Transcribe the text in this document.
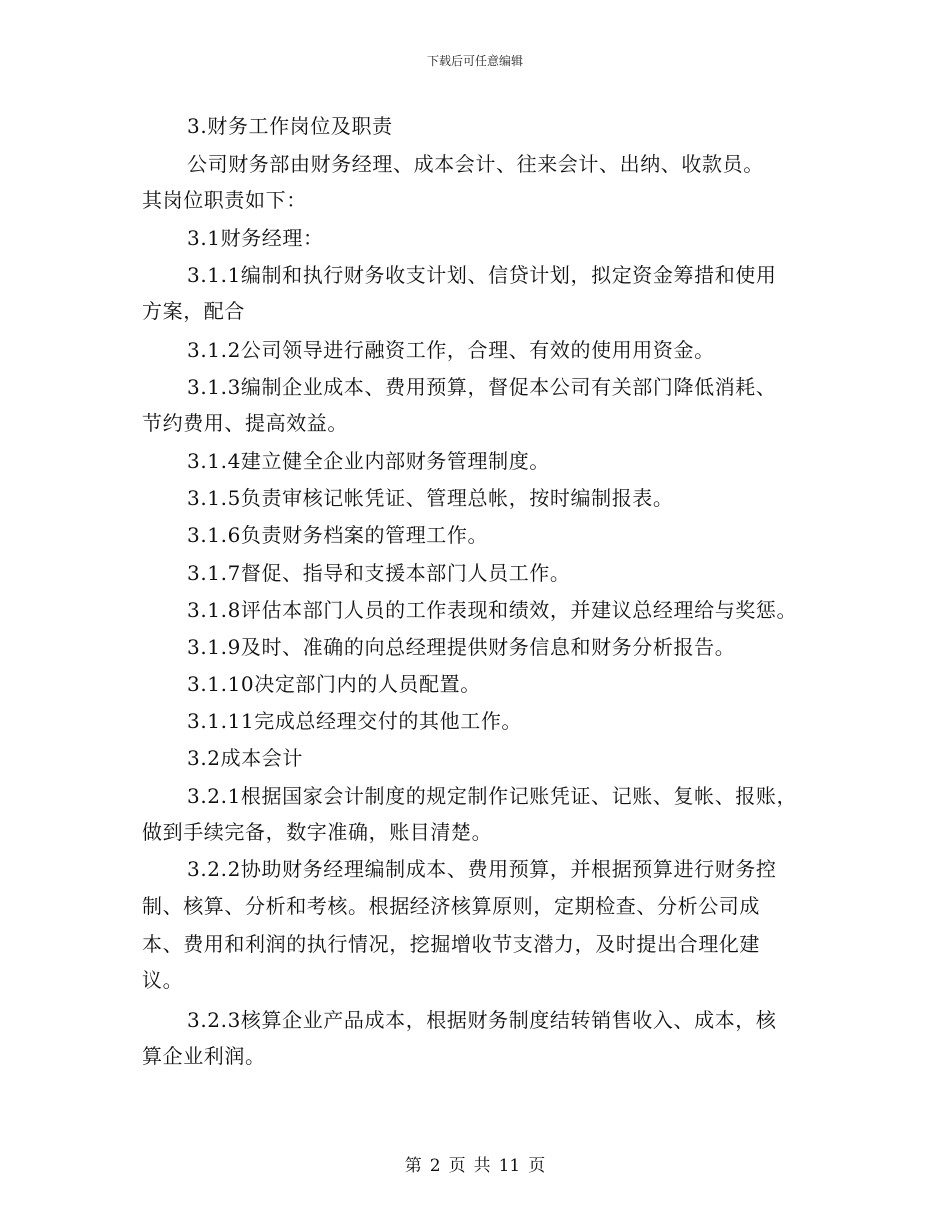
下载后可任意编辑
3.财务工作岗位及职责
公司财务部由财务经理、成本会计、往来会计、出纳、收款员。
其岗位职责如下：
3.1财务经理：
3.1.1编制和执行财务收支计划、信贷计划，拟定资金筹措和使用
方案，配合
3.1.2公司领导进行融资工作，合理、有效的使用用资金。
3.1.3编制企业成本、费用预算，督促本公司有关部门降低消耗、
节约费用、提高效益。
3.1.4建立健全企业内部财务管理制度。
3.1.5负责审核记帐凭证、管理总帐，按时编制报表。
3.1.6负责财务档案的管理工作。
3.1.7督促、指导和支援本部门人员工作。
3.1.8评估本部门人员的工作表现和绩效，并建议总经理给与奖惩。
3.1.9及时、准确的向总经理提供财务信息和财务分析报告。
3.1.10决定部门内的人员配置。
3.1.11完成总经理交付的其他工作。
3.2成本会计
3.2.1根据国家会计制度的规定制作记账凭证、记账、复帐、报账，
做到手续完备，数字准确，账目清楚。
3.2.2协助财务经理编制成本、费用预算，并根据预算进行财务控
制、核算、分析和考核。根据经济核算原则，定期检查、分析公司成
本、费用和利润的执行情况，挖掘增收节支潜力，及时提出合理化建
议。
3.2.3核算企业产品成本，根据财务制度结转销售收入、成本，核
算企业利润。
第 2 页 共 11 页
